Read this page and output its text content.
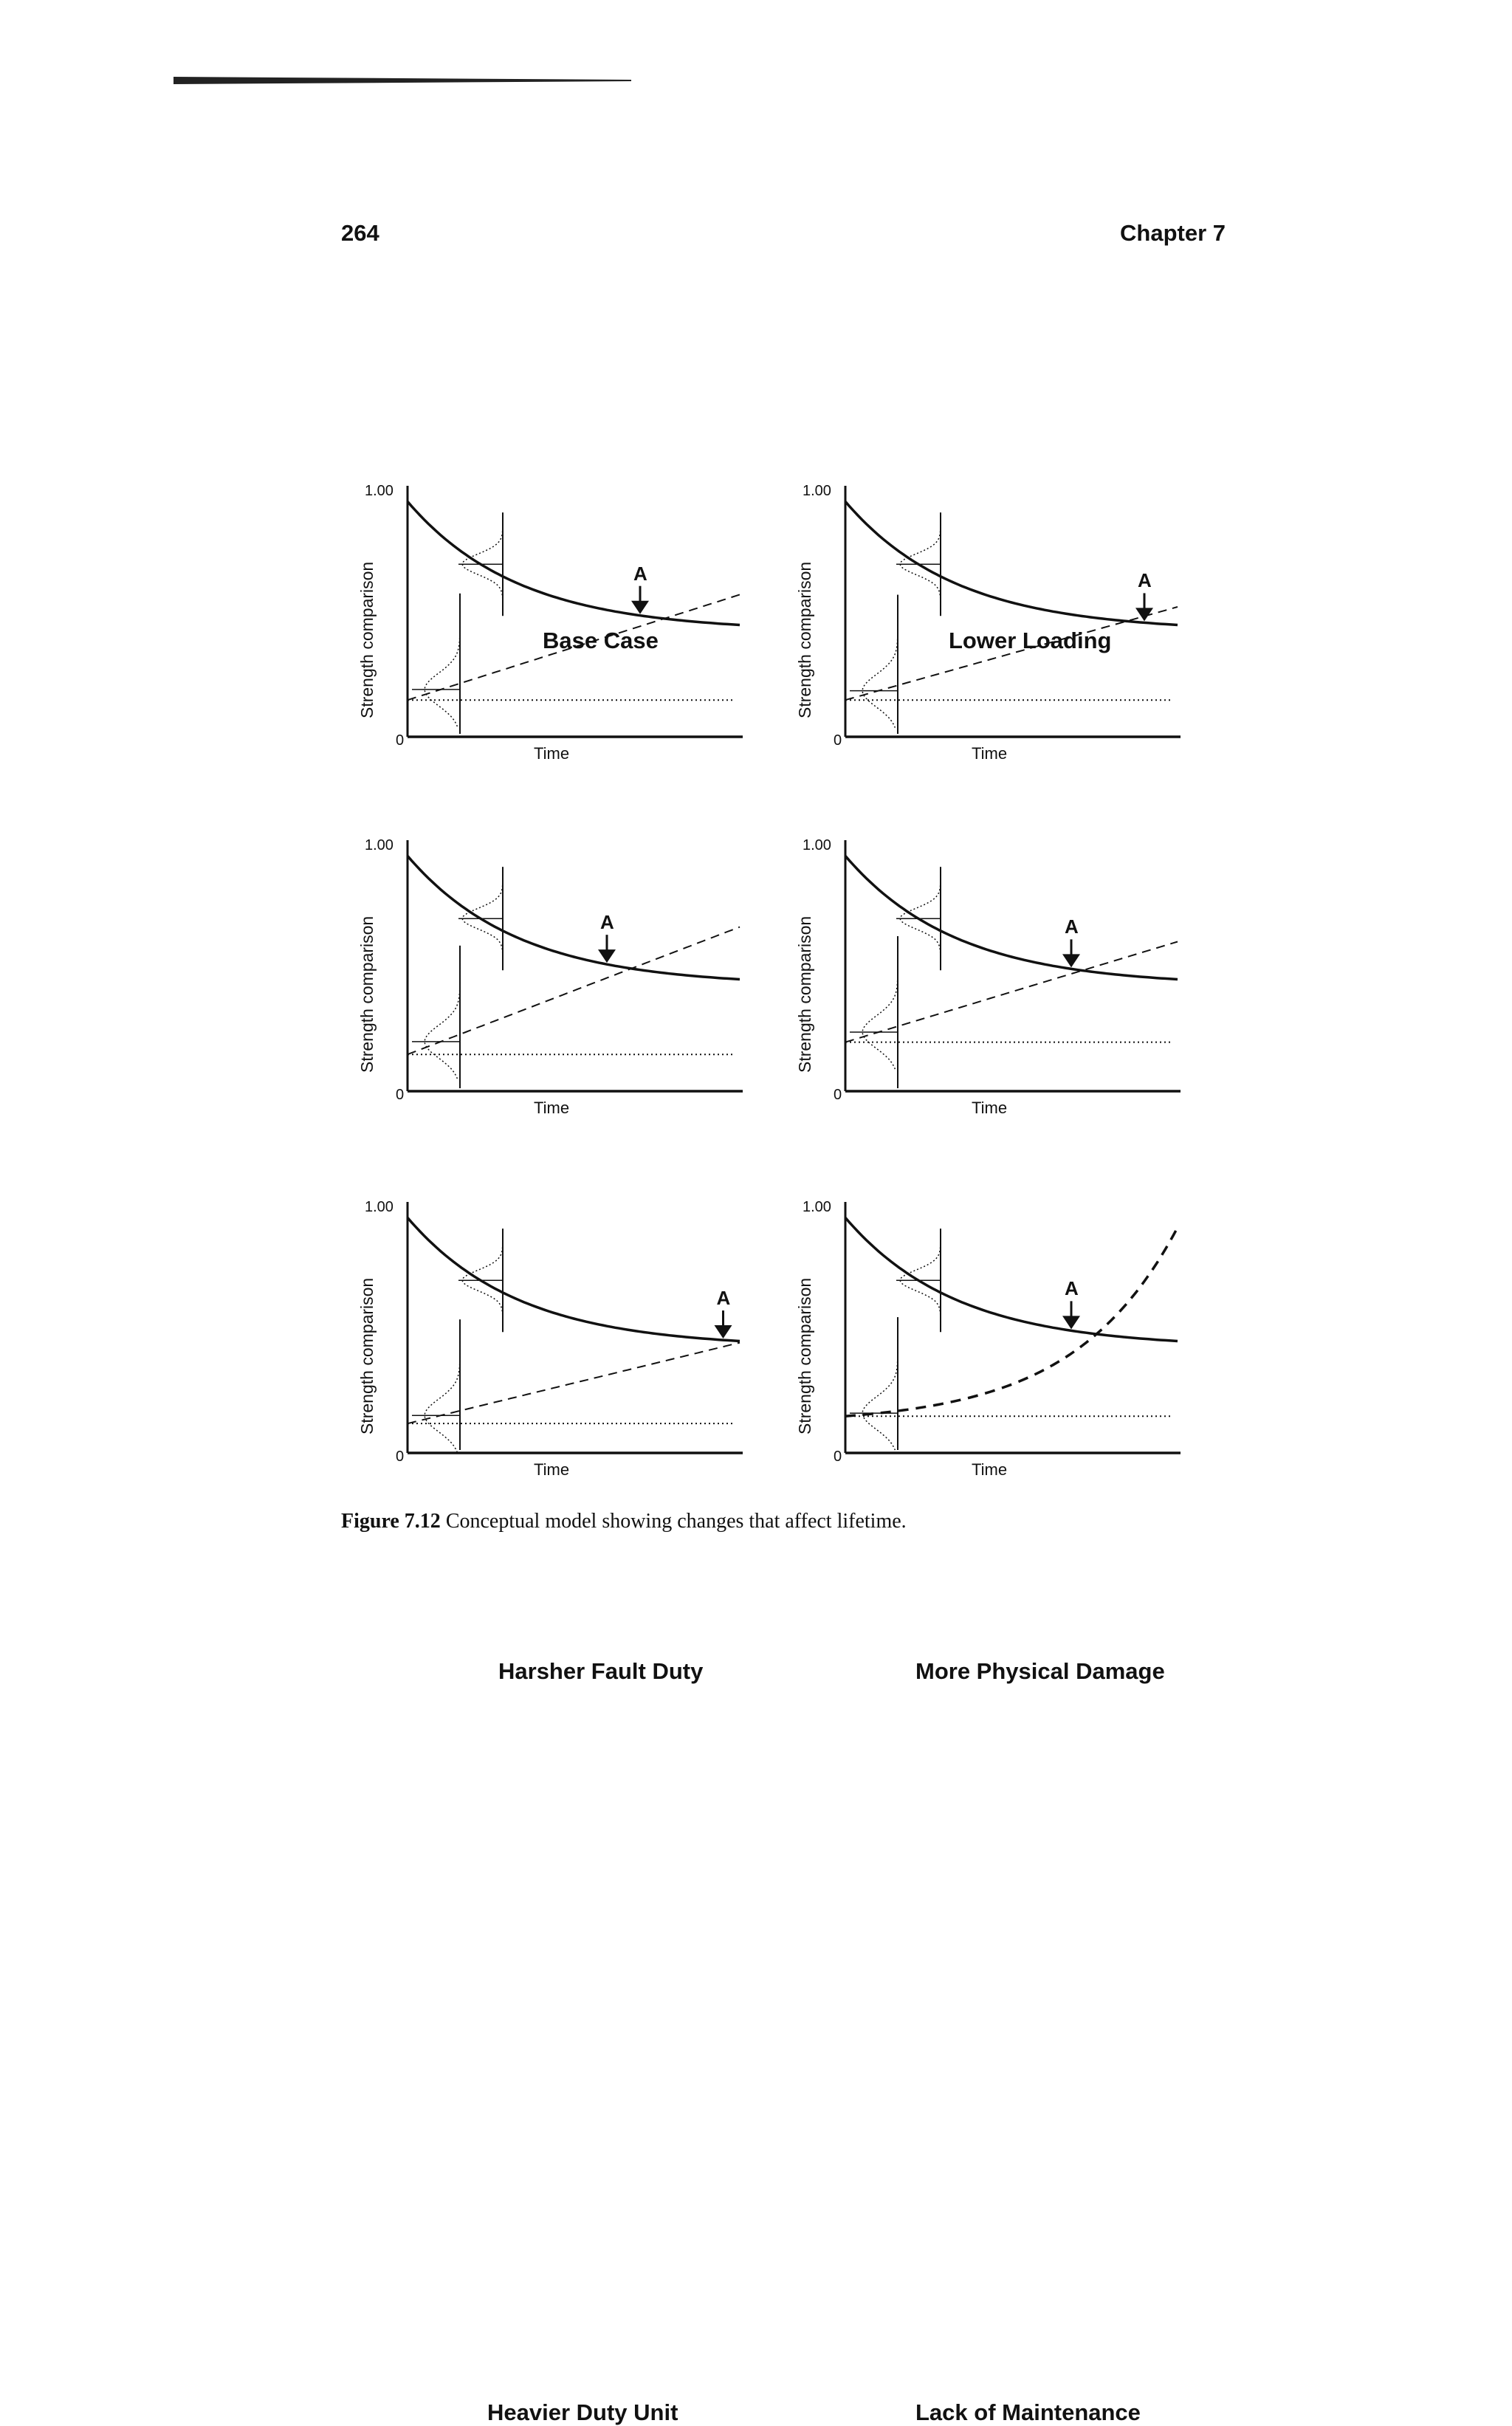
264	Chapter 7
Base Case
Strength comparison
1.00
0
Time
A
Lower Loading
Strength comparison
1.00
0
Time
A
Harsher Fault Duty
Strength comparison
1.00
0
Time
A
More Physical Damage
Strength comparison
1.00
0
Time
A
Heavier Duty Unit
Strength comparison
1.00
0
Time
A
Lack of Maintenance
Strength comparison
1.00
0
Time
A
Figure 7.12 Conceptual model showing changes that affect lifetime.
